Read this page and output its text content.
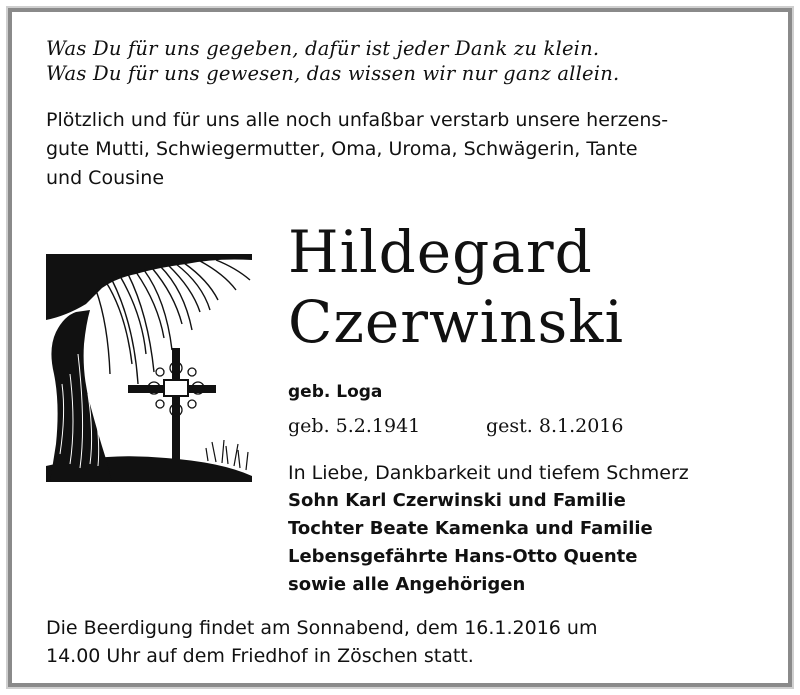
Was Du für uns gegeben, dafür ist jeder Dank zu klein.
Was Du für uns gewesen, das wissen wir nur ganz allein.
Plötzlich und für uns alle noch unfaßbar verstarb unsere herzens-
gute Mutti, Schwiegermutter, Oma, Uroma, Schwägerin, Tante
und Cousine
Hildegard
Czerwinski
geb. Loga
geb. 5.2.1941	gest. 8.1.2016
In Liebe, Dankbarkeit und tiefem Schmerz
Sohn Karl Czerwinski und Familie
Tochter Beate Kamenka und Familie
Lebensgefährte Hans-Otto Quente
sowie alle Angehörigen
Die Beerdigung findet am Sonnabend, dem 16.1.2016 um
14.00 Uhr auf dem Friedhof in Zöschen statt.
